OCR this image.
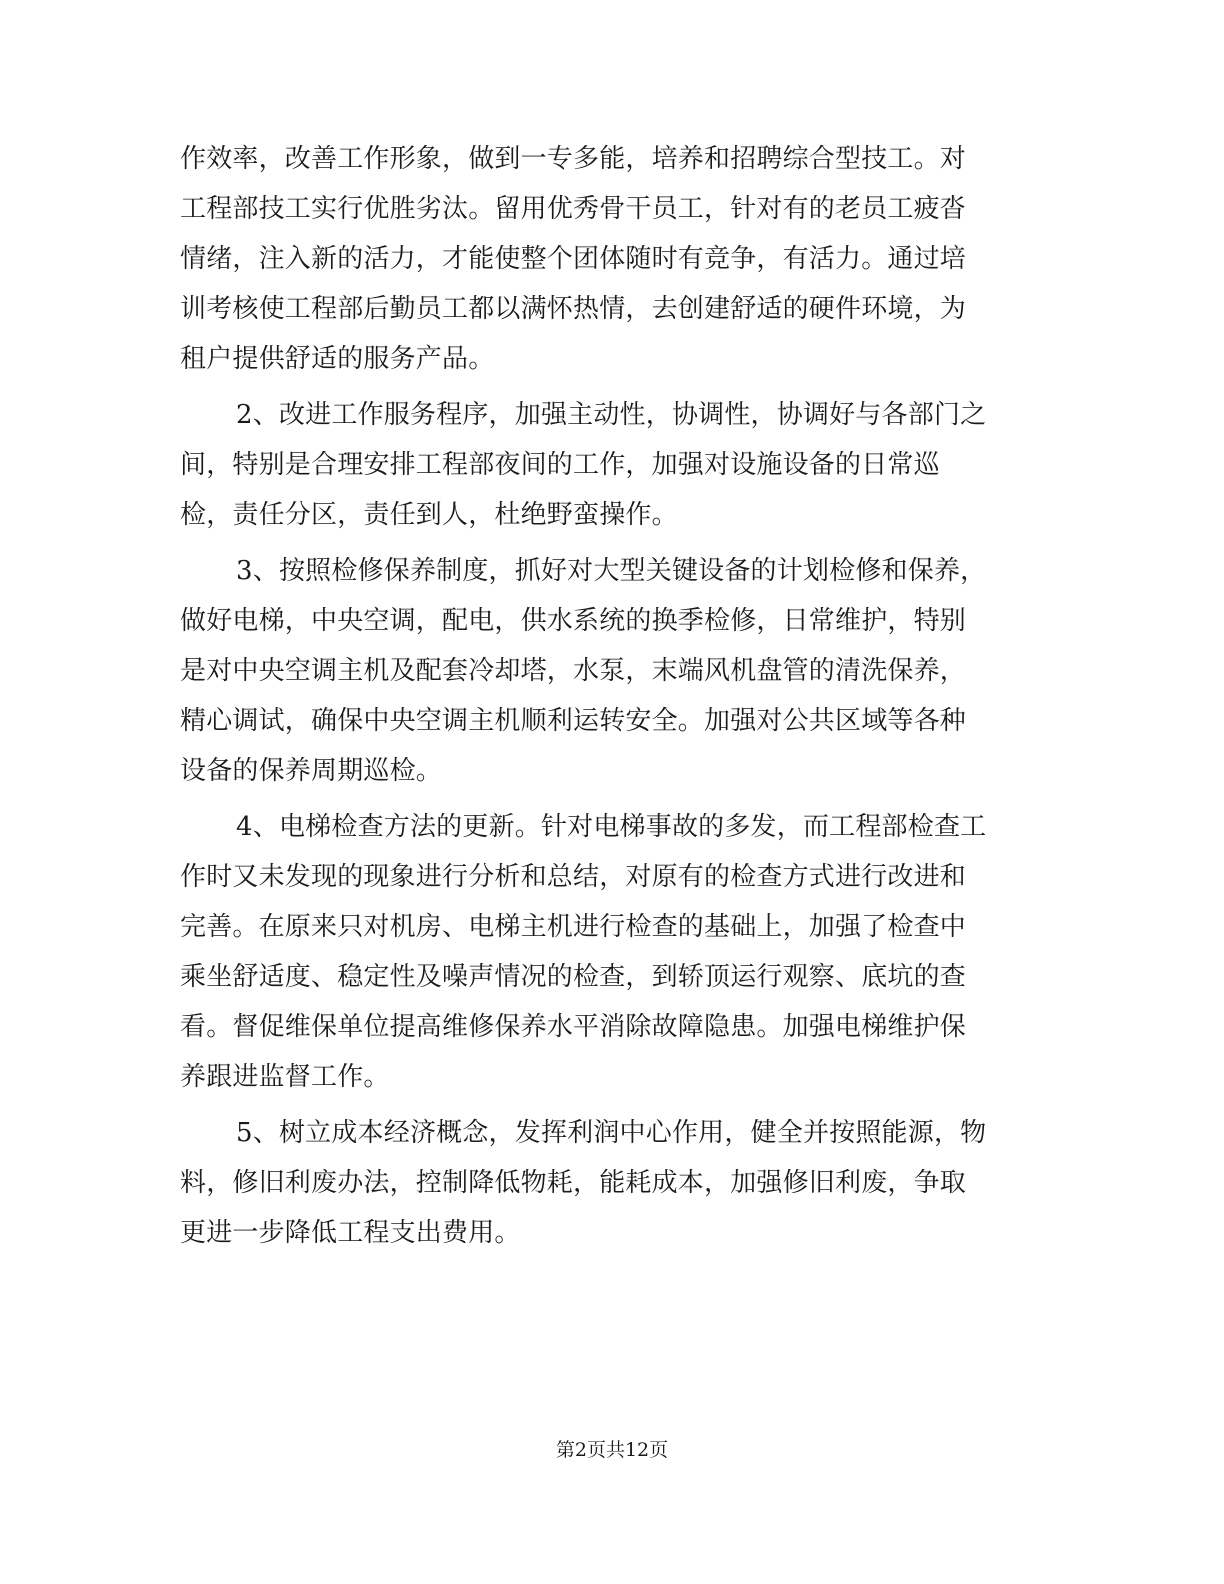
作效率，改善工作形象，做到一专多能，培养和招聘综合型技工。对
工程部技工实行优胜劣汰。留用优秀骨干员工，针对有的老员工疲沓
情绪，注入新的活力，才能使整个团体随时有竞争，有活力。通过培
训考核使工程部后勤员工都以满怀热情，去创建舒适的硬件环境，为
租户提供舒适的服务产品。
2、改进工作服务程序，加强主动性，协调性，协调好与各部门之
间，特别是合理安排工程部夜间的工作，加强对设施设备的日常巡
检，责任分区，责任到人，杜绝野蛮操作。
3、按照检修保养制度，抓好对大型关键设备的计划检修和保养，
做好电梯，中央空调，配电，供水系统的换季检修，日常维护，特别
是对中央空调主机及配套冷却塔，水泵，末端风机盘管的清洗保养，
精心调试，确保中央空调主机顺利运转安全。加强对公共区域等各种
设备的保养周期巡检。
4、电梯检查方法的更新。针对电梯事故的多发，而工程部检查工
作时又未发现的现象进行分析和总结，对原有的检查方式进行改进和
完善。在原来只对机房、电梯主机进行检查的基础上，加强了检查中
乘坐舒适度、稳定性及噪声情况的检查，到轿顶运行观察、底坑的查
看。督促维保单位提高维修保养水平消除故障隐患。加强电梯维护保
养跟进监督工作。
5、树立成本经济概念，发挥利润中心作用，健全并按照能源，物
料，修旧利废办法，控制降低物耗，能耗成本，加强修旧利废，争取
更进一步降低工程支出费用。
第2页共12页
